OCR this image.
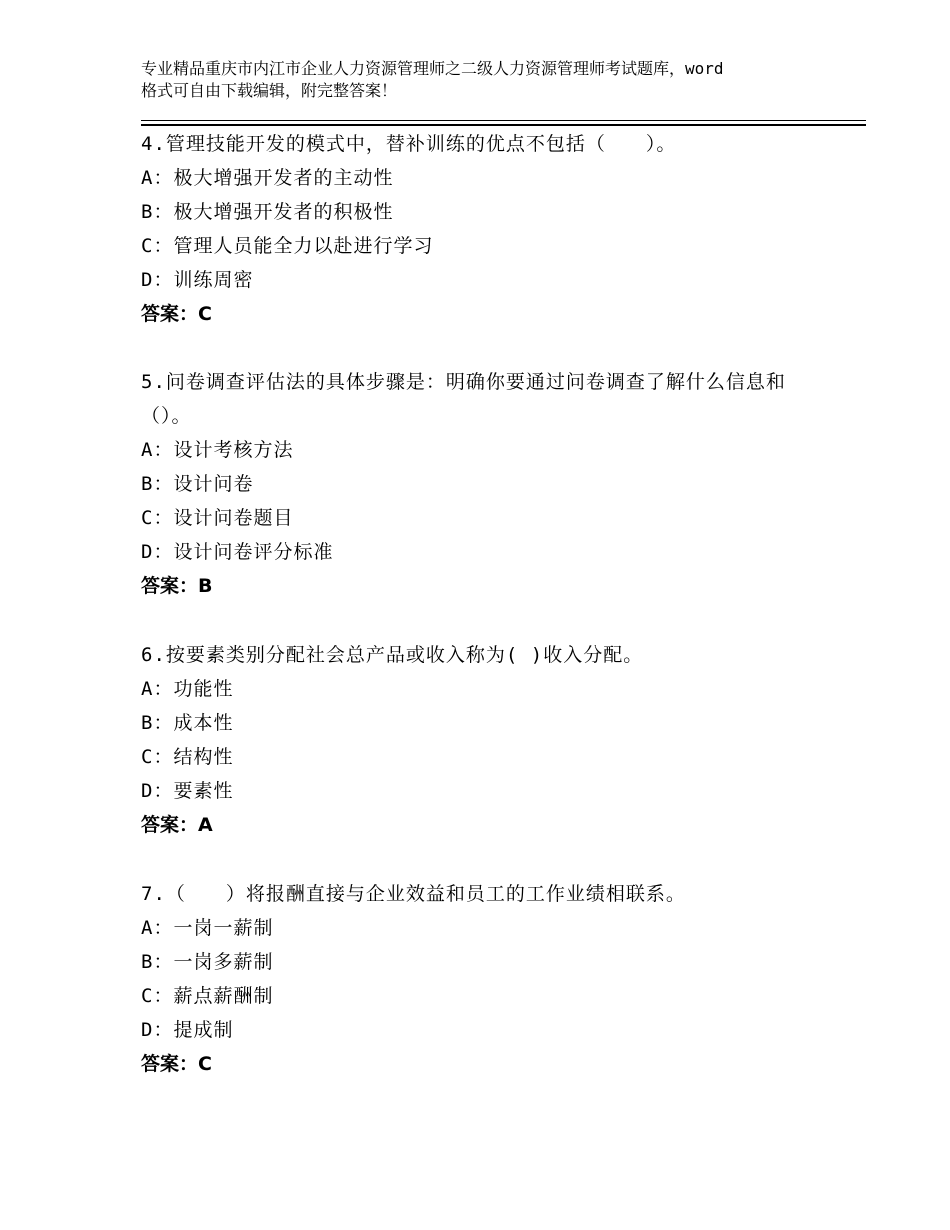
专业精品重庆市内江市企业人力资源管理师之二级人力资源管理师考试题库，word
格式可自由下载编辑，附完整答案！

4.管理技能开发的模式中，替补训练的优点不包括（　　）。

A：极大增强开发者的主动性

B：极大增强开发者的积极性

C：管理人员能全力以赴进行学习

D：训练周密

答案：C

5.问卷调查评估法的具体步骤是：明确你要通过问卷调查了解什么信息和（）。

A：设计考核方法

B：设计问卷

C：设计问卷题目

D：设计问卷评分标准

答案：B

6.按要素类别分配社会总产品或收入称为( )收入分配。

A：功能性

B：成本性

C：结构性

D：要素性

答案：A

7.（　　）将报酬直接与企业效益和员工的工作业绩相联系。

A：一岗一薪制

B：一岗多薪制

C：薪点薪酬制

D：提成制

答案：C
